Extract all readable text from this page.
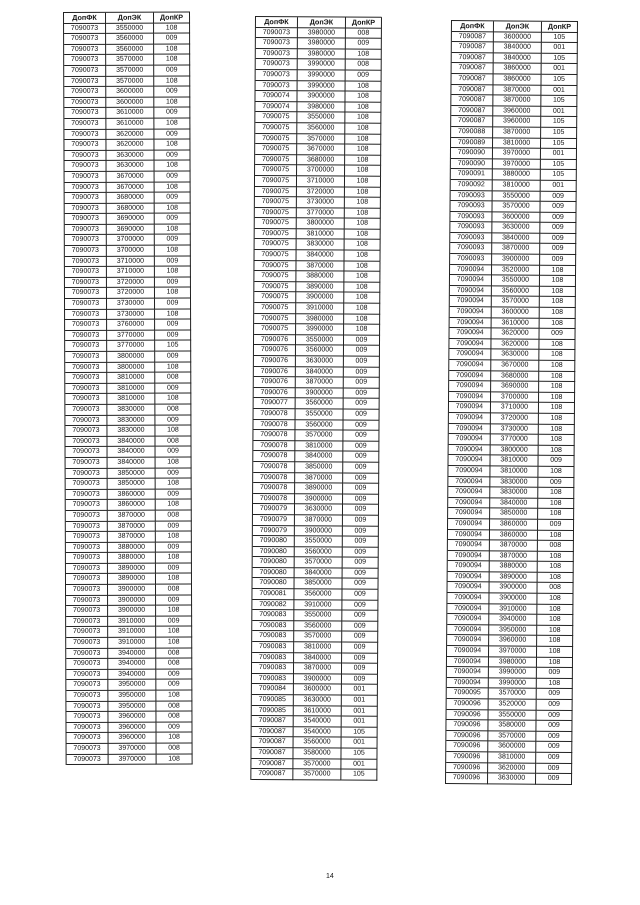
ДопФК	ДопЭК	ДопКР
7090073	3550000	108
7090073	3560000	009
7090073	3560000	108
7090073	3570000	108
7090073	3570000	009
7090073	3570000	108
7090073	3600000	009
7090073	3600000	108
7090073	3610000	009
7090073	3610000	108
7090073	3620000	009
7090073	3620000	108
7090073	3630000	009
7090073	3630000	108
7090073	3670000	009
7090073	3670000	108
7090073	3680000	009
7090073	3680000	108
7090073	3690000	009
7090073	3690000	108
7090073	3700000	009
7090073	3700000	108
7090073	3710000	009
7090073	3710000	108
7090073	3720000	009
7090073	3720000	108
7090073	3730000	009
7090073	3730000	108
7090073	3760000	009
7090073	3770000	009
7090073	3770000	105
7090073	3800000	009
7090073	3800000	108
7090073	3810000	008
7090073	3810000	009
7090073	3810000	108
7090073	3830000	008
7090073	3830000	009
7090073	3830000	108
7090073	3840000	008
7090073	3840000	009
7090073	3840000	108
7090073	3850000	009
7090073	3850000	108
7090073	3860000	009
7090073	3860000	108
7090073	3870000	008
7090073	3870000	009
7090073	3870000	108
7090073	3880000	009
7090073	3880000	108
7090073	3890000	009
7090073	3890000	108
7090073	3900000	008
7090073	3900000	009
7090073	3900000	108
7090073	3910000	009
7090073	3910000	108
7090073	3910000	108
7090073	3940000	008
7090073	3940000	008
7090073	3940000	009
7090073	3950000	009
7090073	3950000	108
7090073	3950000	008
7090073	3960000	008
7090073	3960000	009
7090073	3960000	108
7090073	3970000	008
7090073	3970000	108
ДопФК	ДопЭК	ДопКР
7090073	3980000	008
7090073	3980000	009
7090073	3980000	108
7090073	3990000	008
7090073	3990000	009
7090073	3990000	108
7090074	3900000	108
7090074	3980000	108
7090075	3550000	108
7090075	3560000	108
7090075	3570000	108
7090075	3670000	108
7090075	3680000	108
7090075	3700000	108
7090075	3710000	108
7090075	3720000	108
7090075	3730000	108
7090075	3770000	108
7090075	3800000	108
7090075	3810000	108
7090075	3830000	108
7090075	3840000	108
7090075	3870000	108
7090075	3880000	108
7090075	3890000	108
7090075	3900000	108
7090075	3910000	108
7090075	3980000	108
7090075	3990000	108
7090076	3550000	009
7090076	3560000	009
7090076	3630000	009
7090076	3840000	009
7090076	3870000	009
7090076	3900000	009
7090077	3560000	009
7090078	3550000	009
7090078	3560000	009
7090078	3570000	009
7090078	3810000	009
7090078	3840000	009
7090078	3850000	009
7090078	3870000	009
7090078	3890000	009
7090078	3900000	009
7090079	3630000	009
7090079	3870000	009
7090079	3900000	009
7090080	3550000	009
7090080	3560000	009
7090080	3570000	009
7090080	3840000	009
7090080	3850000	009
7090081	3560000	009
7090082	3910000	009
7090083	3550000	009
7090083	3560000	009
7090083	3570000	009
7090083	3810000	009
7090083	3840000	009
7090083	3870000	009
7090083	3900000	009
7090084	3600000	001
7090085	3630000	001
7090085	3610000	001
7090087	3540000	001
7090087	3540000	105
7090087	3560000	001
7090087	3580000	105
7090087	3570000	001
7090087	3570000	105
ДопФК	ДопЭК	ДопКР
7090087	3600000	105
7090087	3840000	001
7090087	3840000	105
7090087	3860000	001
7090087	3860000	105
7090087	3870000	001
7090087	3870000	105
7090087	3960000	001
7090087	3960000	105
7090088	3870000	105
7090089	3810000	105
7090090	3970000	001
7090090	3970000	105
7090091	3880000	105
7090092	3810000	001
7090093	3550000	009
7090093	3570000	009
7090093	3600000	009
7090093	3630000	009
7090093	3840000	009
7090093	3870000	009
7090093	3900000	009
7090094	3520000	108
7090094	3550000	108
7090094	3560000	108
7090094	3570000	108
7090094	3600000	108
7090094	3610000	108
7090094	3620000	009
7090094	3620000	108
7090094	3630000	108
7090094	3670000	108
7090094	3680000	108
7090094	3690000	108
7090094	3700000	108
7090094	3710000	108
7090094	3720000	108
7090094	3730000	108
7090094	3770000	108
7090094	3800000	108
7090094	3810000	009
7090094	3810000	108
7090094	3830000	009
7090094	3830000	108
7090094	3840000	108
7090094	3850000	108
7090094	3860000	009
7090094	3860000	108
7090094	3870000	008
7090094	3870000	108
7090094	3880000	108
7090094	3890000	108
7090094	3900000	008
7090094	3900000	108
7090094	3910000	108
7090094	3940000	108
7090094	3950000	108
7090094	3960000	108
7090094	3970000	108
7090094	3980000	108
7090094	3990000	009
7090094	3990000	108
7090095	3570000	009
7090096	3520000	009
7090096	3550000	009
7090096	3580000	009
7090096	3570000	009
7090096	3600000	009
7090096	3810000	009
7090096	3620000	009
7090096	3630000	009
14
